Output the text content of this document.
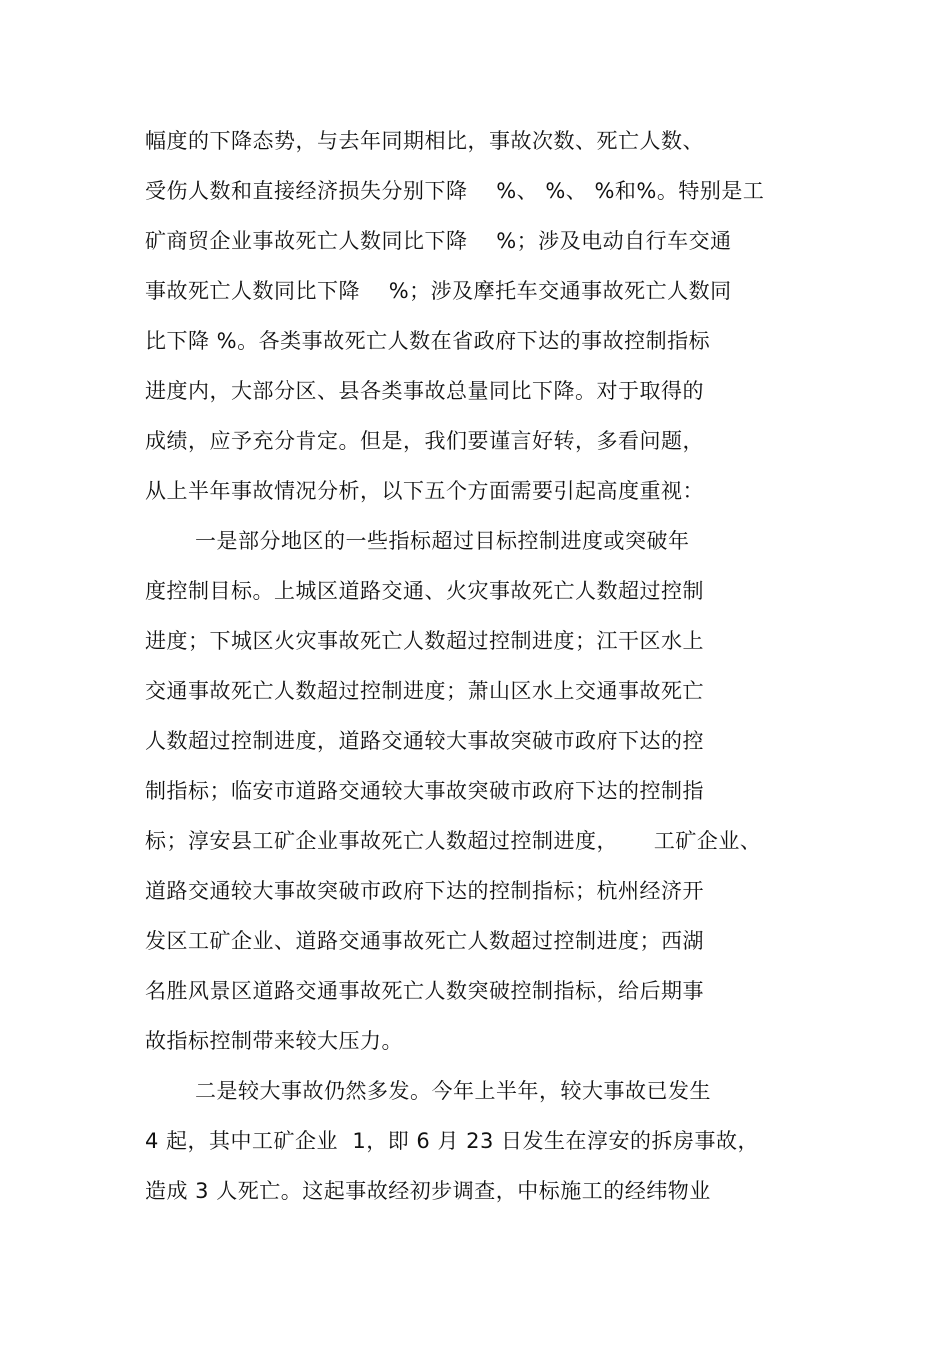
幅度的下降态势，与去年同期相比，事故次数、死亡人数、
受伤人数和直接经济损失分别下降    %、 %、 %和%。特别是工
矿商贸企业事故死亡人数同比下降    %；涉及电动自行车交通
事故死亡人数同比下降    %；涉及摩托车交通事故死亡人数同
比下降 %。各类事故死亡人数在省政府下达的事故控制指标
进度内，大部分区、县各类事故总量同比下降。对于取得的
成绩，应予充分肯定。但是，我们要谨言好转，多看问题，
从上半年事故情况分析，以下五个方面需要引起高度重视：
一是部分地区的一些指标超过目标控制进度或突破年
度控制目标。上城区道路交通、火灾事故死亡人数超过控制
进度；下城区火灾事故死亡人数超过控制进度；江干区水上
交通事故死亡人数超过控制进度；萧山区水上交通事故死亡
人数超过控制进度，道路交通较大事故突破市政府下达的控
制指标；临安市道路交通较大事故突破市政府下达的控制指
标；淳安县工矿企业事故死亡人数超过控制进度，     工矿企业、
道路交通较大事故突破市政府下达的控制指标；杭州经济开
发区工矿企业、道路交通事故死亡人数超过控制进度；西湖
名胜风景区道路交通事故死亡人数突破控制指标，给后期事
故指标控制带来较大压力。
二是较大事故仍然多发。今年上半年，较大事故已发生
4 起，其中工矿企业  1，即 6 月 23 日发生在淳安的拆房事故，
造成 3 人死亡。这起事故经初步调查，中标施工的经纬物业
